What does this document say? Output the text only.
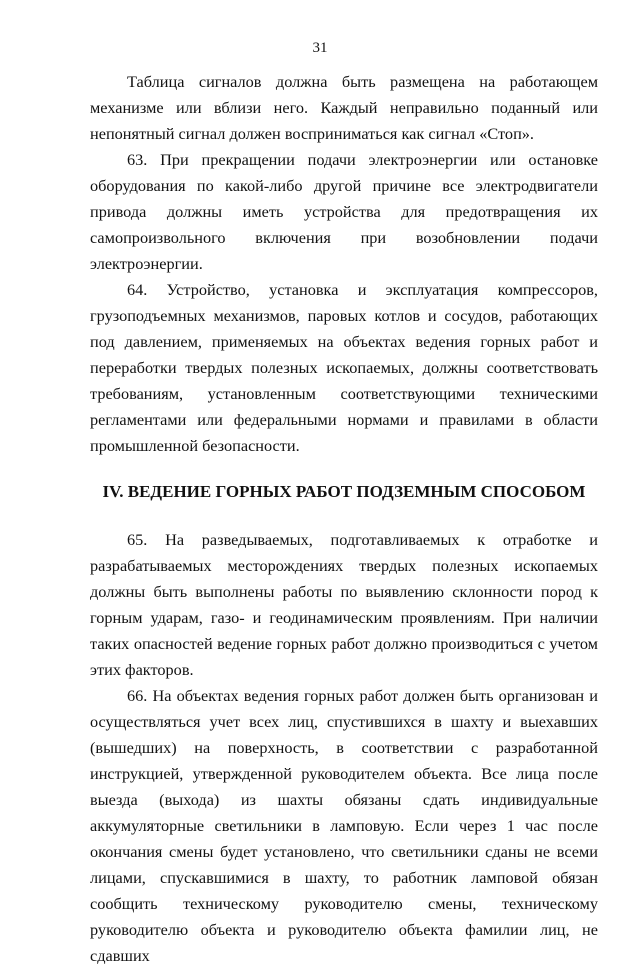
31

Таблица сигналов должна быть размещена на работающем механизме или вблизи него. Каждый неправильно поданный или непонятный сигнал должен восприниматься как сигнал «Стоп».

63. При прекращении подачи электроэнергии или остановке оборудования по какой-либо другой причине все электродвигатели привода должны иметь устройства для предотвращения их самопроизвольного включения при возобновлении подачи электроэнергии.

64. Устройство, установка и эксплуатация компрессоров, грузоподъемных механизмов, паровых котлов и сосудов, работающих под давлением, применяемых на объектах ведения горных работ и переработки твердых полезных ископаемых, должны соответствовать требованиям, установленным соответствующими техническими регламентами или федеральными нормами и правилами в области промышленной безопасности.

IV. ВЕДЕНИЕ ГОРНЫХ РАБОТ ПОДЗЕМНЫМ СПОСОБОМ

65. На разведываемых, подготавливаемых к отработке и разрабатываемых месторождениях твердых полезных ископаемых должны быть выполнены работы по выявлению склонности пород к горным ударам, газо- и геодинамическим проявлениям. При наличии таких опасностей ведение горных работ должно производиться с учетом этих факторов.

66. На объектах ведения горных работ должен быть организован и осуществляться учет всех лиц, спустившихся в шахту и выехавших (вышедших) на поверхность, в соответствии с разработанной инструкцией, утвержденной руководителем объекта. Все лица после выезда (выхода) из шахты обязаны сдать индивидуальные аккумуляторные светильники в ламповую. Если через 1 час после окончания смены будет установлено, что светильники сданы не всеми лицами, спускавшимися в шахту, то работник ламповой обязан сообщить техническому руководителю смены, техническому руководителю объекта и руководителю объекта фамилии лиц, не сдавших
